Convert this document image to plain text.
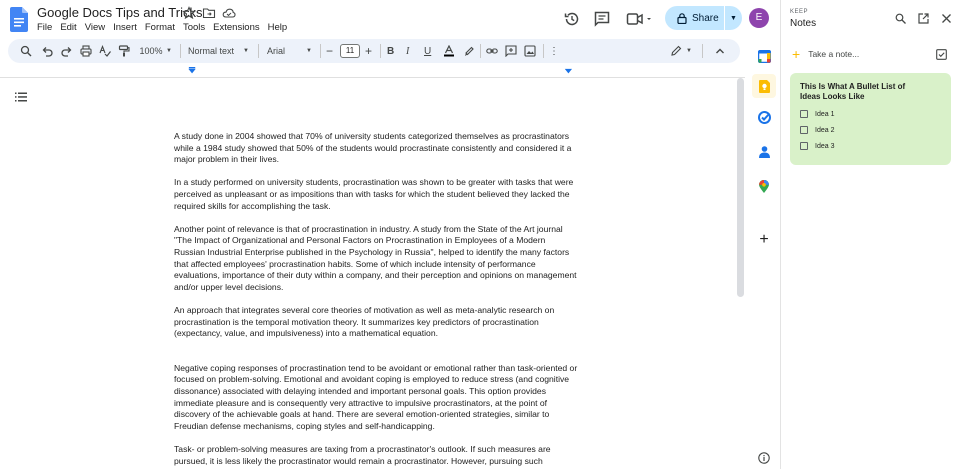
Google Docs Tips and Tricks
File Edit View Insert Format Tools Extensions Help
Share	▼	E
100% ▼ Normal text ▼ Arial	▼ −	11 + B I U	⋮	▼

A study done in 2004 showed that 70% of university students categorized themselves as procrastinators
while a 1984 study showed that 50% of the students would procrastinate consistently and considered it a
major problem in their lives.

In a study performed on university students, procrastination was shown to be greater with tasks that were
perceived as unpleasant or as impositions than with tasks for which the student believed they lacked the
required skills for accomplishing the task.

Another point of relevance is that of procrastination in industry. A study from the State of the Art journal
"The Impact of Organizational and Personal Factors on Procrastination in Employees of a Modern
Russian Industrial Enterprise published in the Psychology in Russia", helped to identify the many factors
that affected employees' procrastination habits. Some of which include intensity of performance
evaluations, importance of their duty within a company, and their perception and opinions on management
and/or upper level decisions.

An approach that integrates several core theories of motivation as well as meta-analytic research on
procrastination is the temporal motivation theory. It summarizes key predictors of procrastination
(expectancy, value, and impulsiveness) into a mathematical equation.

Negative coping responses of procrastination tend to be avoidant or emotional rather than task-oriented or
focused on problem-solving. Emotional and avoidant coping is employed to reduce stress (and cognitive
dissonance) associated with delaying intended and important personal goals. This option provides
immediate pleasure and is consequently very attractive to impulsive procrastinators, at the point of
discovery of the achievable goals at hand. There are several emotion-oriented strategies, similar to
Freudian defense mechanisms, coping styles and self-handicapping.

Task- or problem-solving measures are taxing from a procrastinator's outlook. If such measures are
pursued, it is less likely the procrastinator would remain a procrastinator. However, pursuing such

+
KEEP
Notes
+ Take a note...
This Is What A Bullet List of Ideas Looks Like
Idea 1
Idea 2
Idea 3
